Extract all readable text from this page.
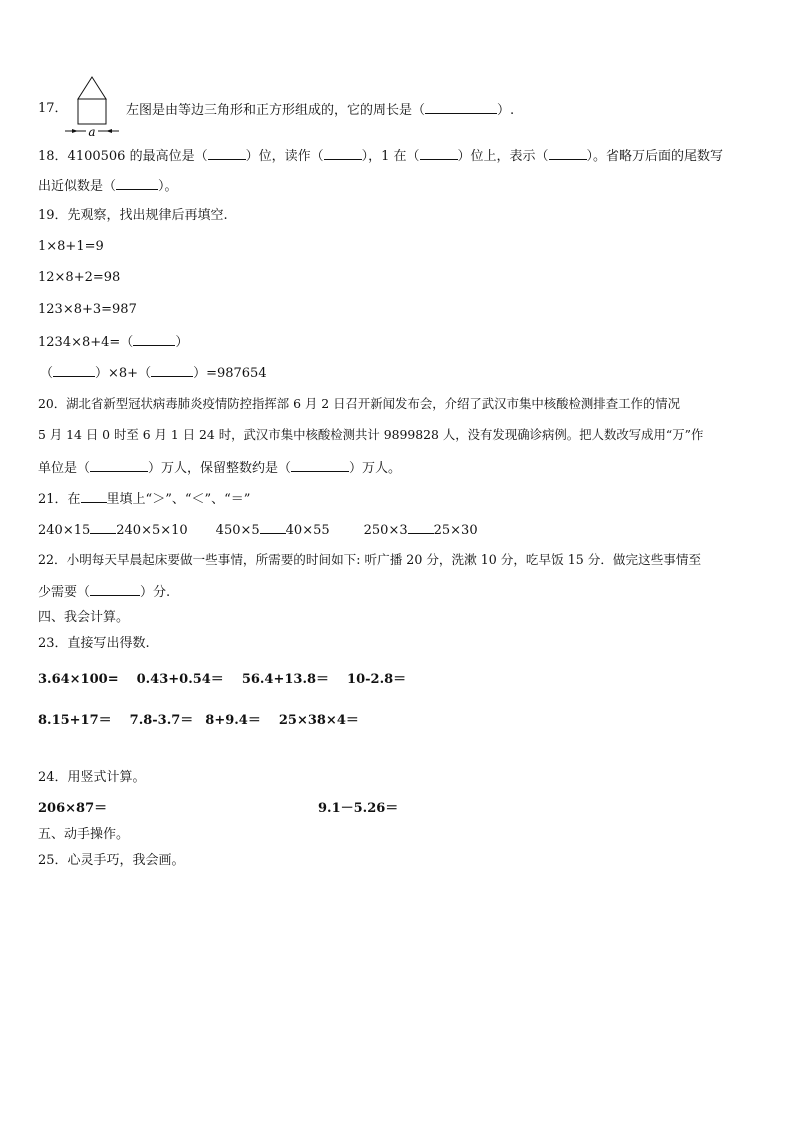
17．
a
左图是由等边三角形和正方形组成的，它的周长是（	）.
18．4100506 的最高位是（	）位，读作（	），1 在（	）位上，表示（	）。省略万后面的尾数写
出近似数是（	）。
19．先观察，找出规律后再填空.
1×8+1=9
12×8+2=98
123×8+3=987
1234×8+4=（	）
（	）×8+（	）=987654
20．湖北省新型冠状病毒肺炎疫情防控指挥部 6 月 2 日召开新闻发布会，介绍了武汉市集中核酸检测排查工作的情况
5 月 14 日 0 时至 6 月 1 日 24 时，武汉市集中核酸检测共计 9899828 人，没有发现确诊病例。把人数改写成用“万”作
单位是（	）万人，保留整数约是（	）万人。
21．在 里填上“＞”、“＜”、“＝”
240×15 240×5×10 450×5 40×55	250×3 25×30
22．小明每天早晨起床要做一些事情，所需要的时间如下: 听广播 20 分，洗漱 10 分，吃早饭 15 分．做完这些事情至
少需要（	）分.
四、我会计算。
23．直接写出得数.
3.64×100= 0.43+0.54＝ 56.4+13.8＝ 10-2.8＝
8.15+17＝ 7.8-3.7＝ 8+9.4＝ 25×38×4＝
24．用竖式计算。
206×87＝	9.1－5.26＝
五、动手操作。
25．心灵手巧，我会画。
